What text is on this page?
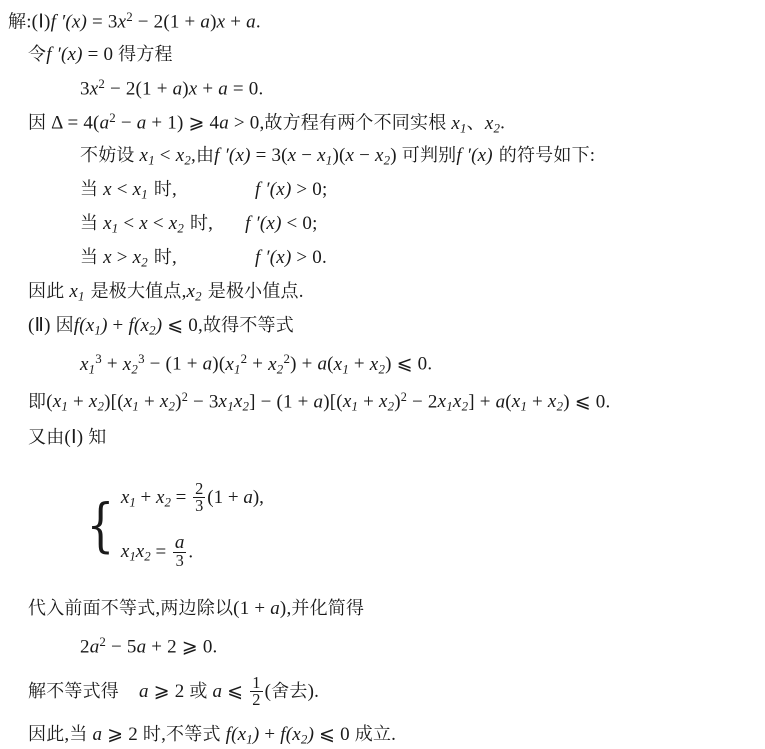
解:(Ⅰ)f $'(x) = 3x^2 - 2(1 + a)x + a$.
令f ′(x) = 0 得方程
$3x^2 - 2(1 + a)x + a = 0$.
因 $\Delta = 4(a^2 - a + 1)$ ⩾ 4a > 0,故方程有两个不同实根 $x_1$、$x_2$.
不妨设 $x_1 < x_2$,由f $'(x) = 3(x - x_1)(x - x_2)$ 可判别f ′(x) 的符号如下:
当 $x < x_1$ 时,	f ′(x) > 0;
当 $x_1 < x < x_2$ 时, f ′(x) < 0;
当 $x > x_2$ 时,	f ′(x) > 0.
因此 $x_1$ 是极大值点$,x_2$ 是极小值点.
(Ⅱ) 因$f(x_1) + f(x_2)$ ⩽ 0,故得不等式
$x_1^3 + x_2^3 - (1 + a)(x_1^2 + x_2^2) + a(x_1 + x_2)$ ⩽ 0.
即$(x_1 + x_2)[(x_1 + x_2)^2 - 3x_1x_2] - (1 + a)[(x_1 + x_2)^2 - 2x_1x_2] + a(x_1 + x_2)$ ⩽ 0.
又由(Ⅰ) 知
{ $x_1 + x_2 = \frac{2}{3} (1 + a)$,
$x_1x_2 = \frac{a}{3}$ .
代入前面不等式,两边除以(1 + a),并化简得
$2a^2 - 5a + 2$ ⩾ 0.
解不等式得 a ⩾ 2 或 a ⩽ $\frac{1}{2}$ (舍去).
因此,当 a ⩾ 2 时,不等式 $f(x_1) + f(x_2)$ ⩽ 0 成立.
